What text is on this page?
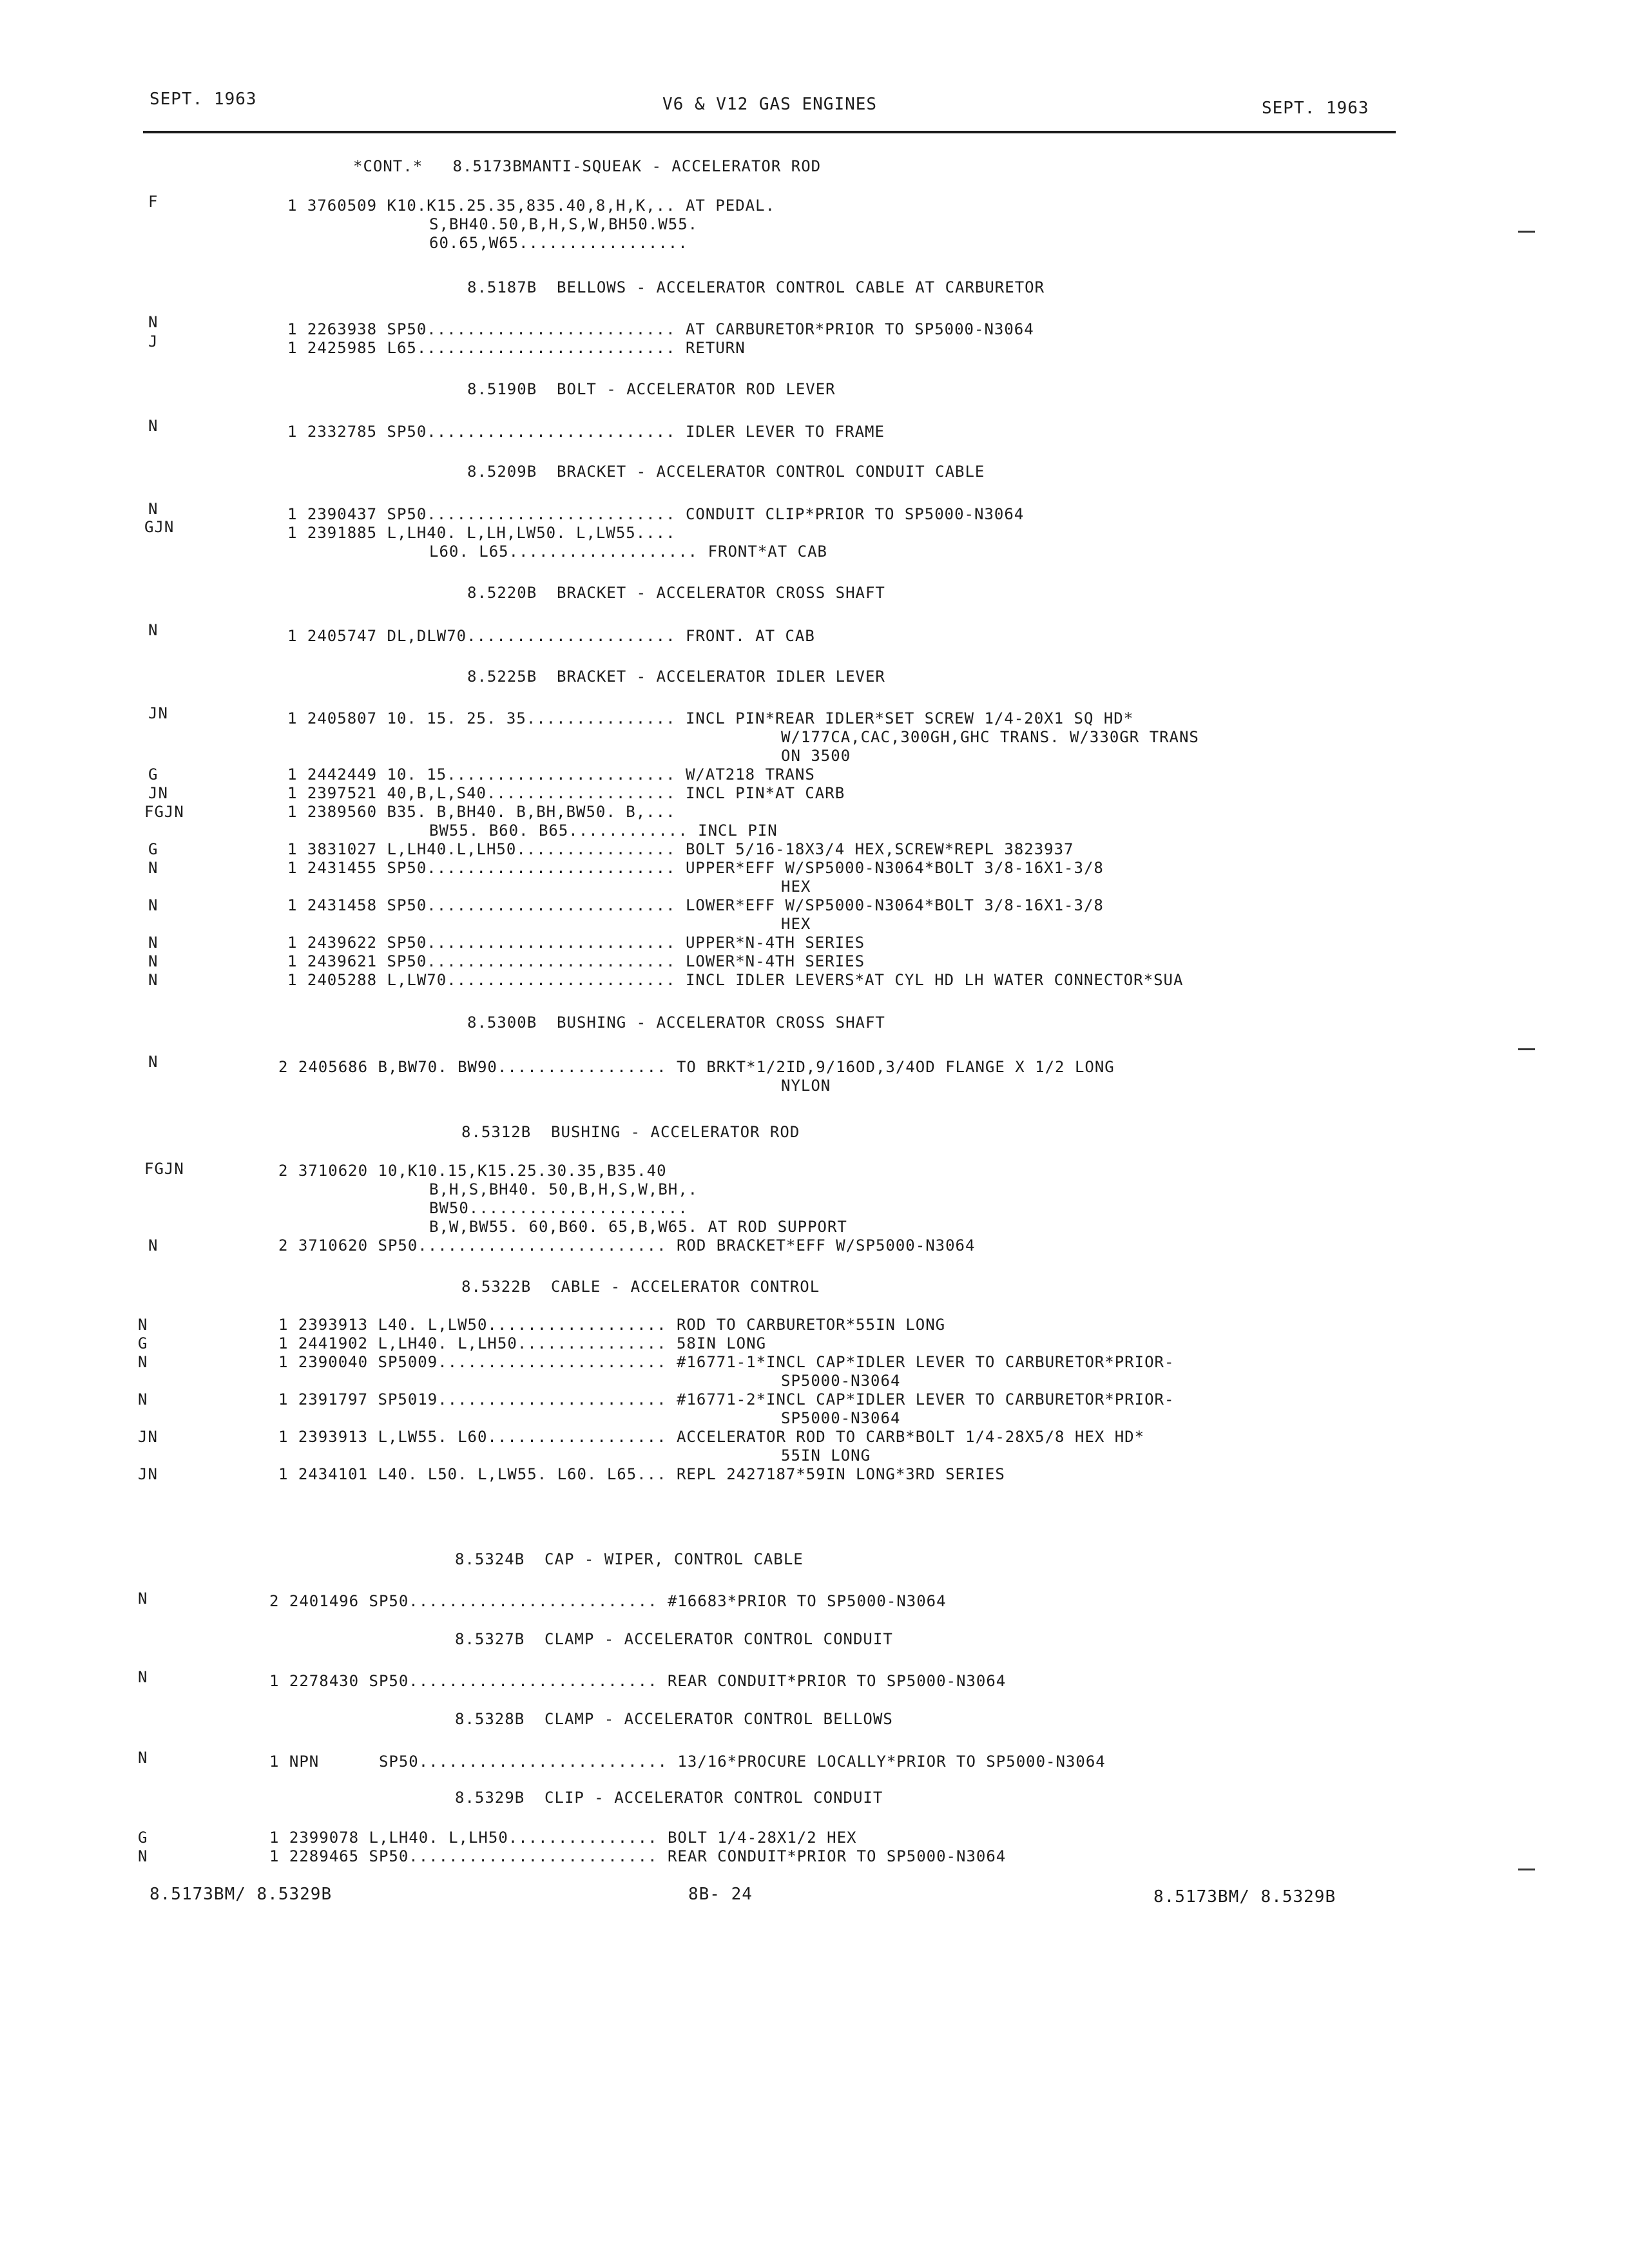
SEPT. 1963	V6 & V12 GAS ENGINES	SEPT. 1963
*CONT.*   8.5173BMANTI-SQUEAK - ACCELERATOR ROD
F	1 3760509 K10.K15.25.35,835.40,8,H,K,.. AT PEDAL.
S,BH40.50,B,H,S,W,BH50.W55.
60.65,W65.................
8.5187B  BELLOWS - ACCELERATOR CONTROL CABLE AT CARBURETOR
N	1 2263938 SP50......................... AT CARBURETOR*PRIOR TO SP5000-N3064
J	1 2425985 L65.......................... RETURN
8.5190B  BOLT - ACCELERATOR ROD LEVER
N	1 2332785 SP50......................... IDLER LEVER TO FRAME
8.5209B  BRACKET - ACCELERATOR CONTROL CONDUIT CABLE
N	1 2390437 SP50......................... CONDUIT CLIP*PRIOR TO SP5000-N3064
GJN	1 2391885 L,LH40. L,LH,LW50. L,LW55....
L60. L65................... FRONT*AT CAB
8.5220B  BRACKET - ACCELERATOR CROSS SHAFT
N	1 2405747 DL,DLW70..................... FRONT. AT CAB
8.5225B  BRACKET - ACCELERATOR IDLER LEVER
JN	1 2405807 10. 15. 25. 35............... INCL PIN*REAR IDLER*SET SCREW 1/4-20X1 SQ HD*
W/177CA,CAC,300GH,GHC TRANS. W/330GR TRANS
ON 3500
G	1 2442449 10. 15....................... W/AT218 TRANS
JN	1 2397521 40,B,L,S40................... INCL PIN*AT CARB
FGJN	1 2389560 B35. B,BH40. B,BH,BW50. B,...
BW55. B60. B65............ INCL PIN
G	1 3831027 L,LH40.L,LH50................ BOLT 5/16-18X3/4 HEX,SCREW*REPL 3823937
N	1 2431455 SP50......................... UPPER*EFF W/SP5000-N3064*BOLT 3/8-16X1-3/8
HEX
N	1 2431458 SP50......................... LOWER*EFF W/SP5000-N3064*BOLT 3/8-16X1-3/8
HEX
N	1 2439622 SP50......................... UPPER*N-4TH SERIES
N	1 2439621 SP50......................... LOWER*N-4TH SERIES
N	1 2405288 L,LW70....................... INCL IDLER LEVERS*AT CYL HD LH WATER CONNECTOR*SUA
8.5300B  BUSHING - ACCELERATOR CROSS SHAFT
N	2 2405686 B,BW70. BW90................. TO BRKT*1/2ID,9/16OD,3/4OD FLANGE X 1/2 LONG
NYLON
8.5312B  BUSHING - ACCELERATOR ROD
FGJN	2 3710620 10,K10.15,K15.25.30.35,B35.40
B,H,S,BH40. 50,B,H,S,W,BH,.
BW50......................
B,W,BW55. 60,B60. 65,B,W65. AT ROD SUPPORT
N	2 3710620 SP50......................... ROD BRACKET*EFF W/SP5000-N3064
8.5322B  CABLE - ACCELERATOR CONTROL
N	1 2393913 L40. L,LW50.................. ROD TO CARBURETOR*55IN LONG
G	1 2441902 L,LH40. L,LH50............... 58IN LONG
N	1 2390040 SP5009....................... #16771-1*INCL CAP*IDLER LEVER TO CARBURETOR*PRIOR-
SP5000-N3064
N	1 2391797 SP5019....................... #16771-2*INCL CAP*IDLER LEVER TO CARBURETOR*PRIOR-
SP5000-N3064
JN	1 2393913 L,LW55. L60.................. ACCELERATOR ROD TO CARB*BOLT 1/4-28X5/8 HEX HD*
55IN LONG
JN	1 2434101 L40. L50. L,LW55. L60. L65... REPL 2427187*59IN LONG*3RD SERIES
8.5324B  CAP - WIPER, CONTROL CABLE
N	2 2401496 SP50......................... #16683*PRIOR TO SP5000-N3064
8.5327B  CLAMP - ACCELERATOR CONTROL CONDUIT
N	1 2278430 SP50......................... REAR CONDUIT*PRIOR TO SP5000-N3064
8.5328B  CLAMP - ACCELERATOR CONTROL BELLOWS
N	1 NPN      SP50......................... 13/16*PROCURE LOCALLY*PRIOR TO SP5000-N3064
8.5329B  CLIP - ACCELERATOR CONTROL CONDUIT
G	1 2399078 L,LH40. L,LH50............... BOLT 1/4-28X1/2 HEX
N	1 2289465 SP50......................... REAR CONDUIT*PRIOR TO SP5000-N3064
8.5173BM/ 8.5329B	8B- 24	8.5173BM/ 8.5329B
